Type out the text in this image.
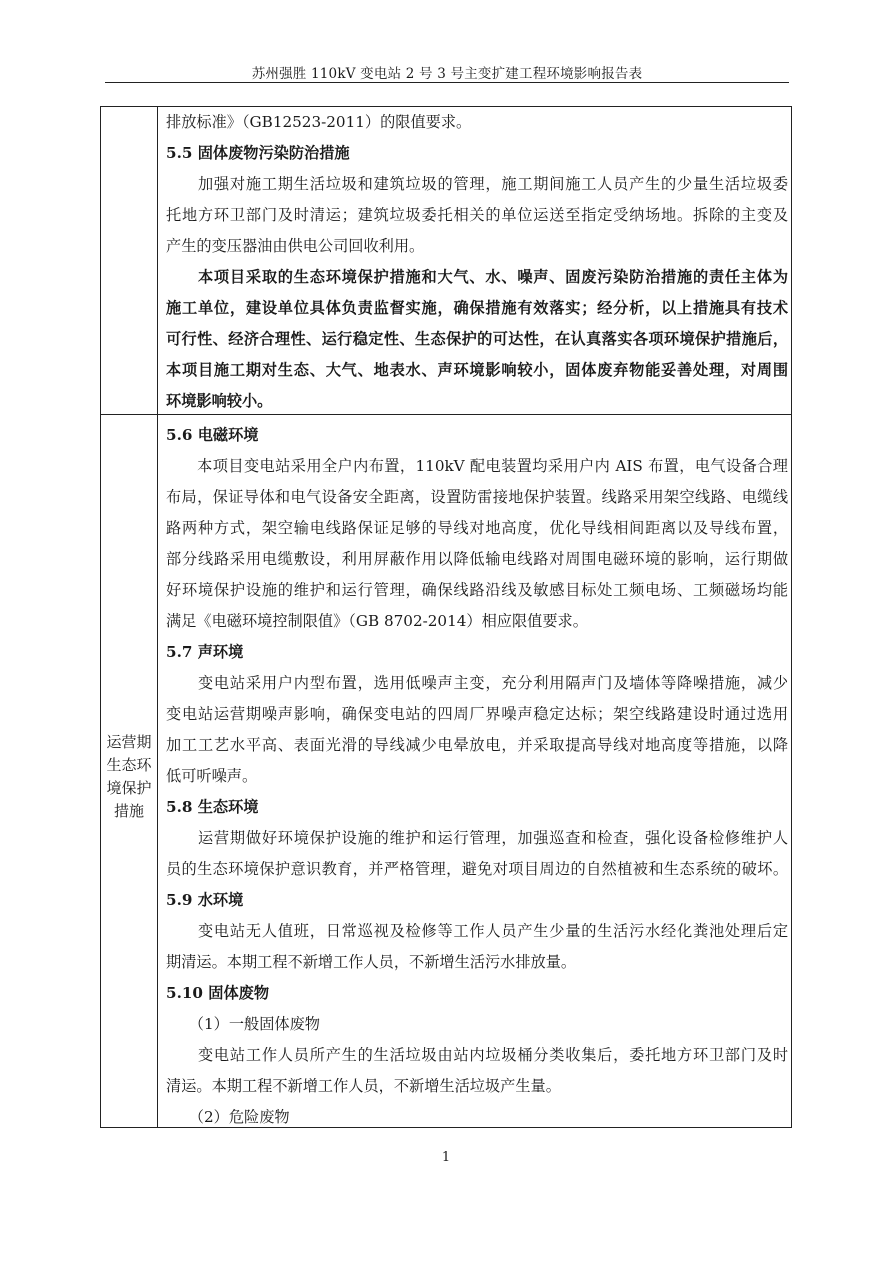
苏州强胜 110kV 变电站 2 号 3 号主变扩建工程环境影响报告表
排放标准》（GB12523-2011）的限值要求。
5.5 固体废物污染防治措施
　　加强对施工期生活垃圾和建筑垃圾的管理，施工期间施工人员产生的少量生活垃圾委
托地方环卫部门及时清运；建筑垃圾委托相关的单位运送至指定受纳场地。拆除的主变及
产生的变压器油由供电公司回收利用。
　　本项目采取的生态环境保护措施和大气、水、噪声、固废污染防治措施的责任主体为
施工单位，建设单位具体负责监督实施，确保措施有效落实；经分析，以上措施具有技术
可行性、经济合理性、运行稳定性、生态保护的可达性，在认真落实各项环境保护措施后，
本项目施工期对生态、大气、地表水、声环境影响较小，固体废弃物能妥善处理，对周围
环境影响较小。
运营期
生态环
境保护
措施
5.6 电磁环境
　　本项目变电站采用全户内布置，110kV 配电装置均采用户内 AIS 布置，电气设备合理
布局，保证导体和电气设备安全距离，设置防雷接地保护装置。线路采用架空线路、电缆线
路两种方式，架空输电线路保证足够的导线对地高度，优化导线相间距离以及导线布置，
部分线路采用电缆敷设，利用屏蔽作用以降低输电线路对周围电磁环境的影响，运行期做
好环境保护设施的维护和运行管理，确保线路沿线及敏感目标处工频电场、工频磁场均能
满足《电磁环境控制限值》（GB 8702-2014）相应限值要求。
5.7 声环境
　　变电站采用户内型布置，选用低噪声主变，充分利用隔声门及墙体等降噪措施，减少
变电站运营期噪声影响，确保变电站的四周厂界噪声稳定达标；架空线路建设时通过选用
加工工艺水平高、表面光滑的导线减少电晕放电，并采取提高导线对地高度等措施，以降
低可听噪声。
5.8 生态环境
　　运营期做好环境保护设施的维护和运行管理，加强巡查和检查，强化设备检修维护人
员的生态环境保护意识教育，并严格管理，避免对项目周边的自然植被和生态系统的破坏。
5.9 水环境
　　变电站无人值班，日常巡视及检修等工作人员产生少量的生活污水经化粪池处理后定
期清运。本期工程不新增工作人员，不新增生活污水排放量。
5.10 固体废物
　　（1）一般固体废物
　　变电站工作人员所产生的生活垃圾由站内垃圾桶分类收集后，委托地方环卫部门及时
清运。本期工程不新增工作人员，不新增生活垃圾产生量。
　　（2）危险废物
1
